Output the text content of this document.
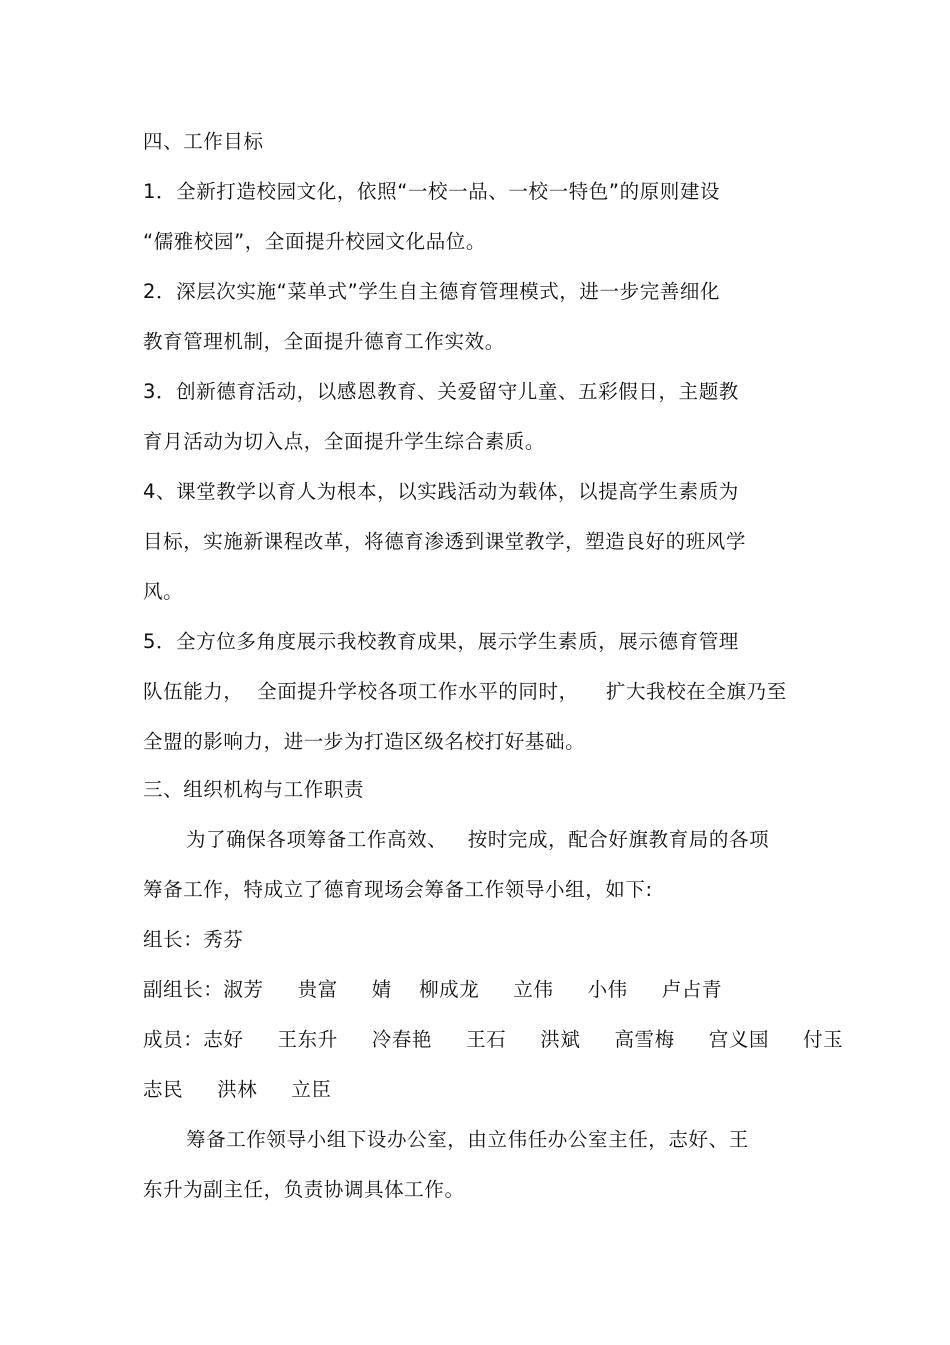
四、工作目标
1．全新打造校园文化，依照“一校一品、一校一特色”的原则建设
“儒雅校园”，全面提升校园文化品位。
2．深层次实施“菜单式”学生自主德育管理模式，进一步完善细化
教育管理机制，全面提升德育工作实效。
3．创新德育活动，以感恩教育、关爱留守儿童、五彩假日，主题教
育月活动为切入点，全面提升学生综合素质。
4、课堂教学以育人为根本，以实践活动为载体，以提高学生素质为
目标，实施新课程改革，将德育渗透到课堂教学，塑造良好的班风学
风。
5．全方位多角度展示我校教育成果，展示学生素质，展示德育管理
队伍能力，  全面提升学校各项工作水平的同时，    扩大我校在全旗乃至
全盟的影响力，进一步为打造区级名校打好基础。
三、组织机构与工作职责
为了确保各项筹备工作高效、   按时完成，配合好旗教育局的各项
筹备工作，特成立了德育现场会筹备工作领导小组，如下:
组长：秀芬
副组长：淑芳     贵富     婧    柳成龙     立伟     小伟     卢占青
成员：志好     王东升     冷春艳     王石     洪斌     高雪梅     宫义国     付玉
志民     洪林     立臣
筹备工作领导小组下设办公室，由立伟任办公室主任，志好、王
东升为副主任，负责协调具体工作。
